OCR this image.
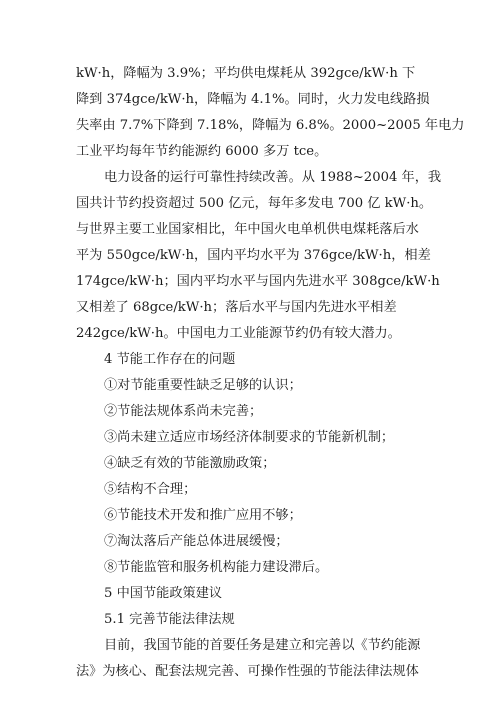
kW·h，降幅为 3.9%；平均供电煤耗从 392gce/kW·h 下
降到 374gce/kW·h，降幅为 4.1%。同时，火力发电线路损
失率由 7.7%下降到 7.18%，降幅为 6.8%。2000~2005 年电力
工业平均每年节约能源约 6000 多万 tce。
电力设备的运行可靠性持续改善。从 1988~2004 年，我
国共计节约投资超过 500 亿元，每年多发电 700 亿 kW·h。
与世界主要工业国家相比，年中国火电单机供电煤耗落后水
平为 550gce/kW·h，国内平均水平为 376gce/kW·h，相差
174gce/kW·h；国内平均水平与国内先进水平 308gce/kW·h
又相差了 68gce/kW·h；落后水平与国内先进水平相差
242gce/kW·h。中国电力工业能源节约仍有较大潜力。
4 节能工作存在的问题
①对节能重要性缺乏足够的认识；
②节能法规体系尚未完善；
③尚未建立适应市场经济体制要求的节能新机制；
④缺乏有效的节能激励政策；
⑤结构不合理；
⑥节能技术开发和推广应用不够；
⑦淘汰落后产能总体进展缓慢；
⑧节能监管和服务机构能力建设滞后。
5 中国节能政策建议
5.1 完善节能法律法规
目前，我国节能的首要任务是建立和完善以《节约能源
法》为核心、配套法规完善、可操作性强的节能法律法规体
